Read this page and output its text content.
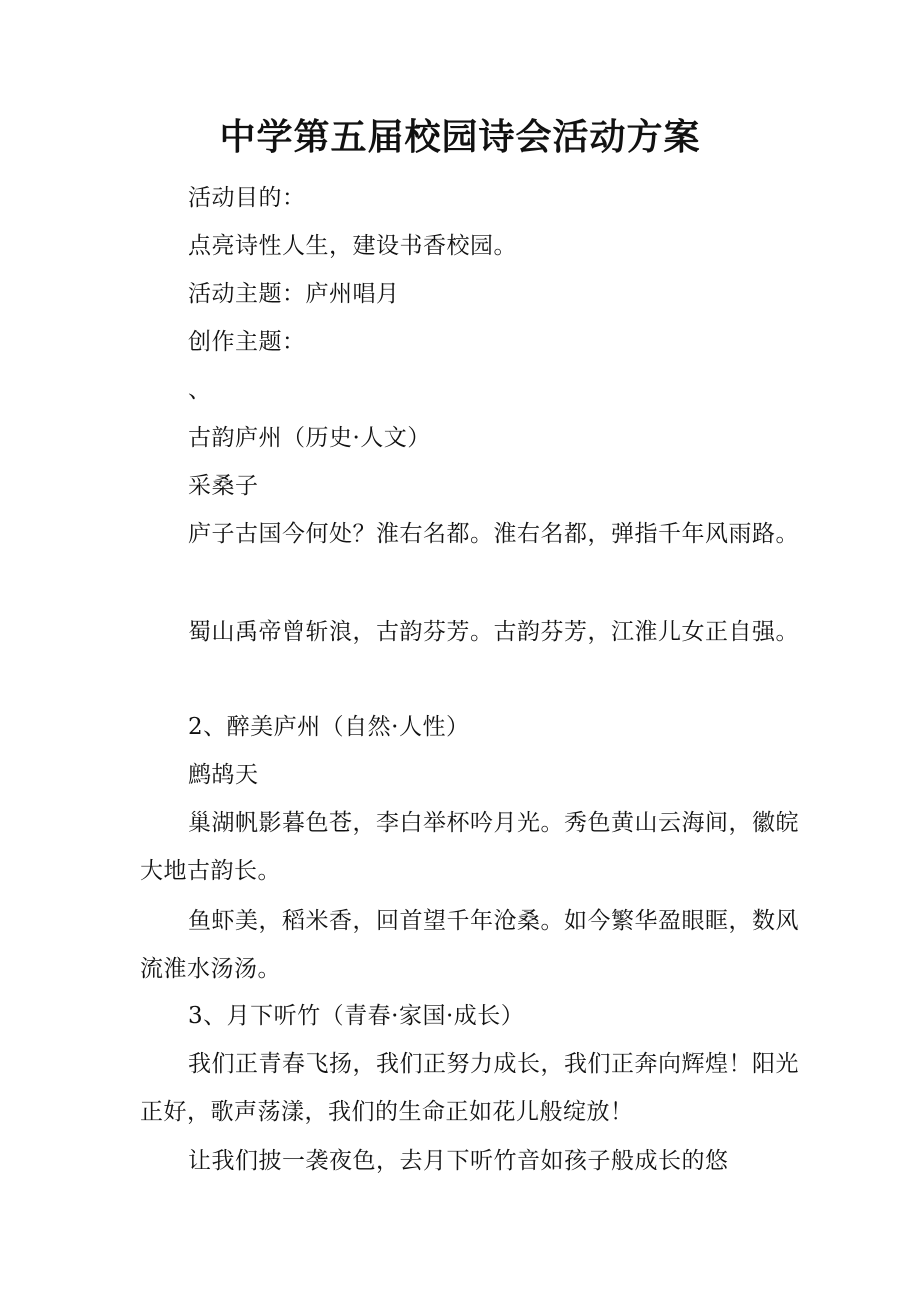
中学第五届校园诗会活动方案

活动目的：

点亮诗性人生，建设书香校园。

活动主题：庐州唱月

创作主题：

、

古韵庐州（历史·人文）

采桑子

庐子古国今何处？淮右名都。淮右名都，弹指千年风雨路。

蜀山禹帝曾斩浪，古韵芬芳。古韵芬芳，江淮儿女正自强。

2、醉美庐州（自然·人性）

鹧鸪天

巢湖帆影暮色苍，李白举杯吟月光。秀色黄山云海间，徽皖大地古韵长。

鱼虾美，稻米香，回首望千年沧桑。如今繁华盈眼眶，数风流淮水汤汤。

3、月下听竹（青春·家国·成长）

我们正青春飞扬，我们正努力成长，我们正奔向辉煌！阳光正好，歌声荡漾，我们的生命正如花儿般绽放！

让我们披一袭夜色，去月下听竹音如孩子般成长的悠
